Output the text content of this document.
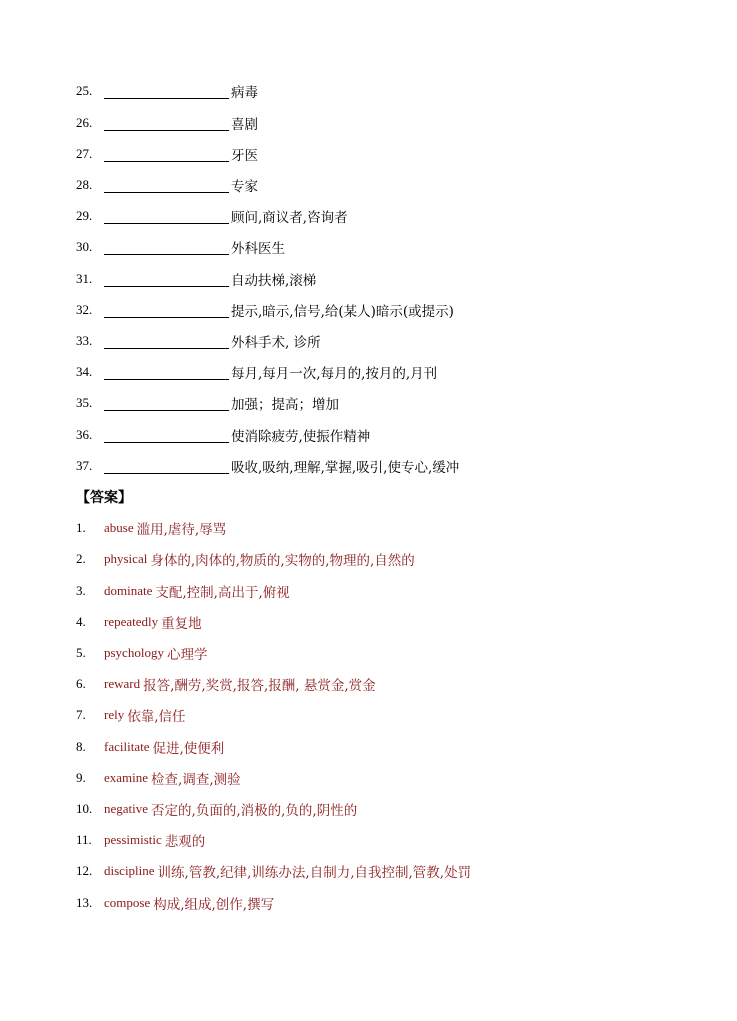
25.	病毒
26.	喜剧
27.	牙医
28.	专家
29.	顾问,商议者,咨询者
30.	外科医生
31.	自动扶梯,滚梯
32.	提示,暗示,信号,给(某人)暗示(或提示)
33.	外科手术, 诊所
34.	每月,每月一次,每月的,按月的,月刊
35.	加强；提高；增加
36.	使消除疲劳,使振作精神
37.	吸收,吸纳,理解,掌握,吸引,使专心,缓冲
【答案】
1.	abuse 滥用,虐待,辱骂
2.	physical 身体的,肉体的,物质的,实物的,物理的,自然的
3.	dominate 支配,控制,高出于,俯视
4.	repeatedly 重复地
5.	psychology 心理学
6.	reward 报答,酬劳,奖赏,报答,报酬, 悬赏金,赏金
7.	rely 依靠,信任
8.	facilitate 促进,使便利
9.	examine 检查,调查,测验
10. negative 否定的,负面的,消极的,负的,阴性的
11. pessimistic 悲观的
12. discipline 训练,管教,纪律,训练办法,自制力,自我控制,管教,处罚
13. compose 构成,组成,创作,撰写
